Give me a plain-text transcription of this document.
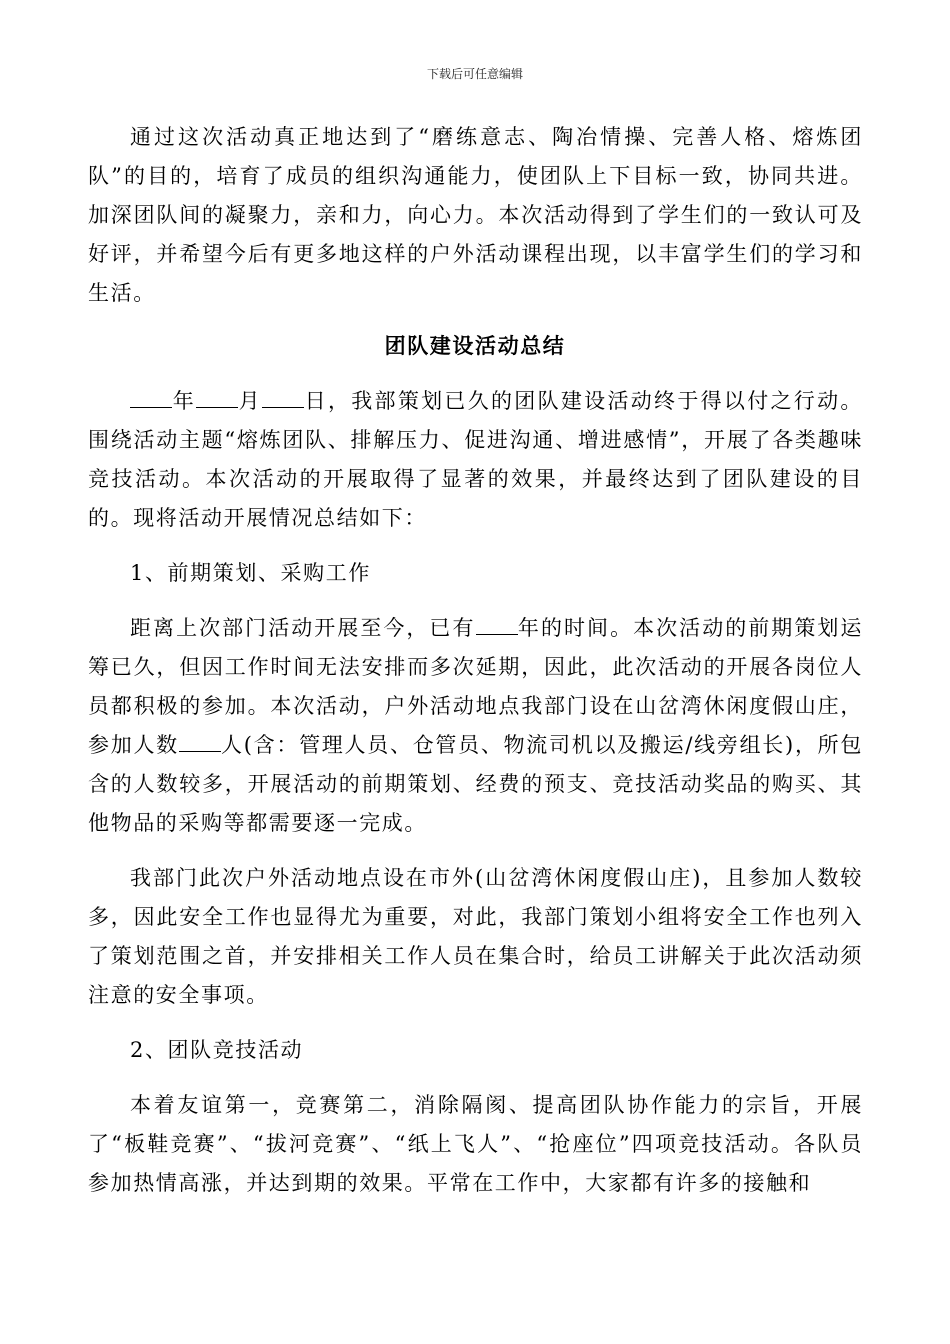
下载后可任意编辑

通过这次活动真正地达到了“磨练意志、陶冶情操、完善人格、熔炼团队”的目的，培育了成员的组织沟通能力，使团队上下目标一致，协同共进。加深团队间的凝聚力，亲和力，向心力。本次活动得到了学生们的一致认可及好评，并希望今后有更多地这样的户外活动课程出现，以丰富学生们的学习和生活。

团队建设活动总结

年 月 日，我部策划已久的团队建设活动终于得以付之行动。围绕活动主题“熔炼团队、排解压力、促进沟通、增进感情”，开展了各类趣味竞技活动。本次活动的开展取得了显著的效果，并最终达到了团队建设的目的。现将活动开展情况总结如下：

1、前期策划、采购工作

距离上次部门活动开展至今，已有 年的时间。本次活动的前期策划运筹已久，但因工作时间无法安排而多次延期，因此，此次活动的开展各岗位人员都积极的参加。本次活动，户外活动地点我部门设在山岔湾休闲度假山庄，参加人数 人(含：管理人员、仓管员、物流司机以及搬运/线旁组长)，所包含的人数较多，开展活动的前期策划、经费的预支、竞技活动奖品的购买、其他物品的采购等都需要逐一完成。

我部门此次户外活动地点设在市外(山岔湾休闲度假山庄)，且参加人数较多，因此安全工作也显得尤为重要，对此，我部门策划小组将安全工作也列入了策划范围之首，并安排相关工作人员在集合时，给员工讲解关于此次活动须注意的安全事项。

2、团队竞技活动

本着友谊第一，竞赛第二，消除隔阂、提高团队协作能力的宗旨，开展了“板鞋竞赛”、“拔河竞赛”、“纸上飞人”、“抢座位”四项竞技活动。各队员参加热情高涨，并达到期的效果。平常在工作中，大家都有许多的接触和
